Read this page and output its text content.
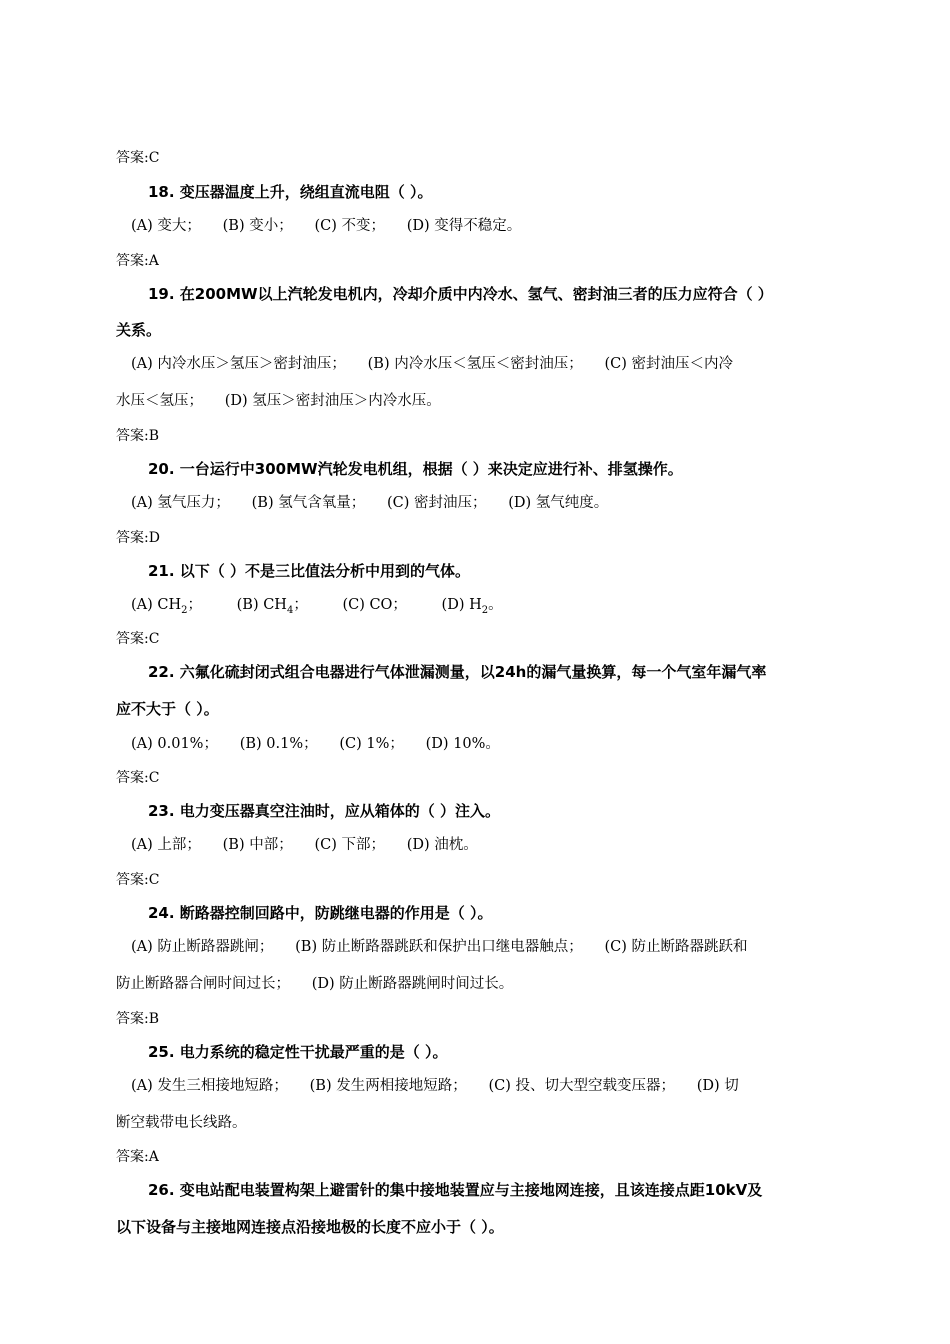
答案:C
18. 变压器温度上升，绕组直流电阻（ ）。
(A) 变大；　　(B) 变小；　　(C) 不变；　　(D) 变得不稳定。
答案:A
19. 在200MW以上汽轮发电机内，冷却介质中内冷水、氢气、密封油三者的压力应符合（ ）
关系。
(A) 内冷水压＞氢压＞密封油压；　　(B) 内冷水压＜氢压＜密封油压；　　(C) 密封油压＜内冷
水压＜氢压；　　(D) 氢压＞密封油压＞内冷水压。
答案:B
20. 一台运行中300MW汽轮发电机组，根据（ ）来决定应进行补、排氢操作。
(A) 氢气压力；　　(B) 氢气含氧量；　　(C) 密封油压；　　(D) 氢气纯度。
答案:D
21. 以下（ ）不是三比值法分析中用到的气体。
(A) $CH_2$； (B) $CH_4$； (C) CO； (D) $H_2$。
答案:C
22. 六氟化硫封闭式组合电器进行气体泄漏测量，以24h的漏气量换算，每一个气室年漏气率
应不大于（ ）。
(A) 0.01%；　　(B) 0.1%；　　(C) 1%；　　(D) 10%。
答案:C
23. 电力变压器真空注油时，应从箱体的（ ）注入。
(A) 上部；　　(B) 中部；　　(C) 下部；　　(D) 油枕。
答案:C
24. 断路器控制回路中，防跳继电器的作用是（ ）。
(A) 防止断路器跳闸；　　(B) 防止断路器跳跃和保护出口继电器触点；　　(C) 防止断路器跳跃和
防止断路器合闸时间过长；　　(D) 防止断路器跳闸时间过长。
答案:B
25. 电力系统的稳定性干扰最严重的是（ ）。
(A) 发生三相接地短路；　　(B) 发生两相接地短路；　　(C) 投、切大型空载变压器；　　(D) 切
断空载带电长线路。
答案:A
26. 变电站配电装置构架上避雷针的集中接地装置应与主接地网连接，且该连接点距10kV及
以下设备与主接地网连接点沿接地极的长度不应小于（ ）。
